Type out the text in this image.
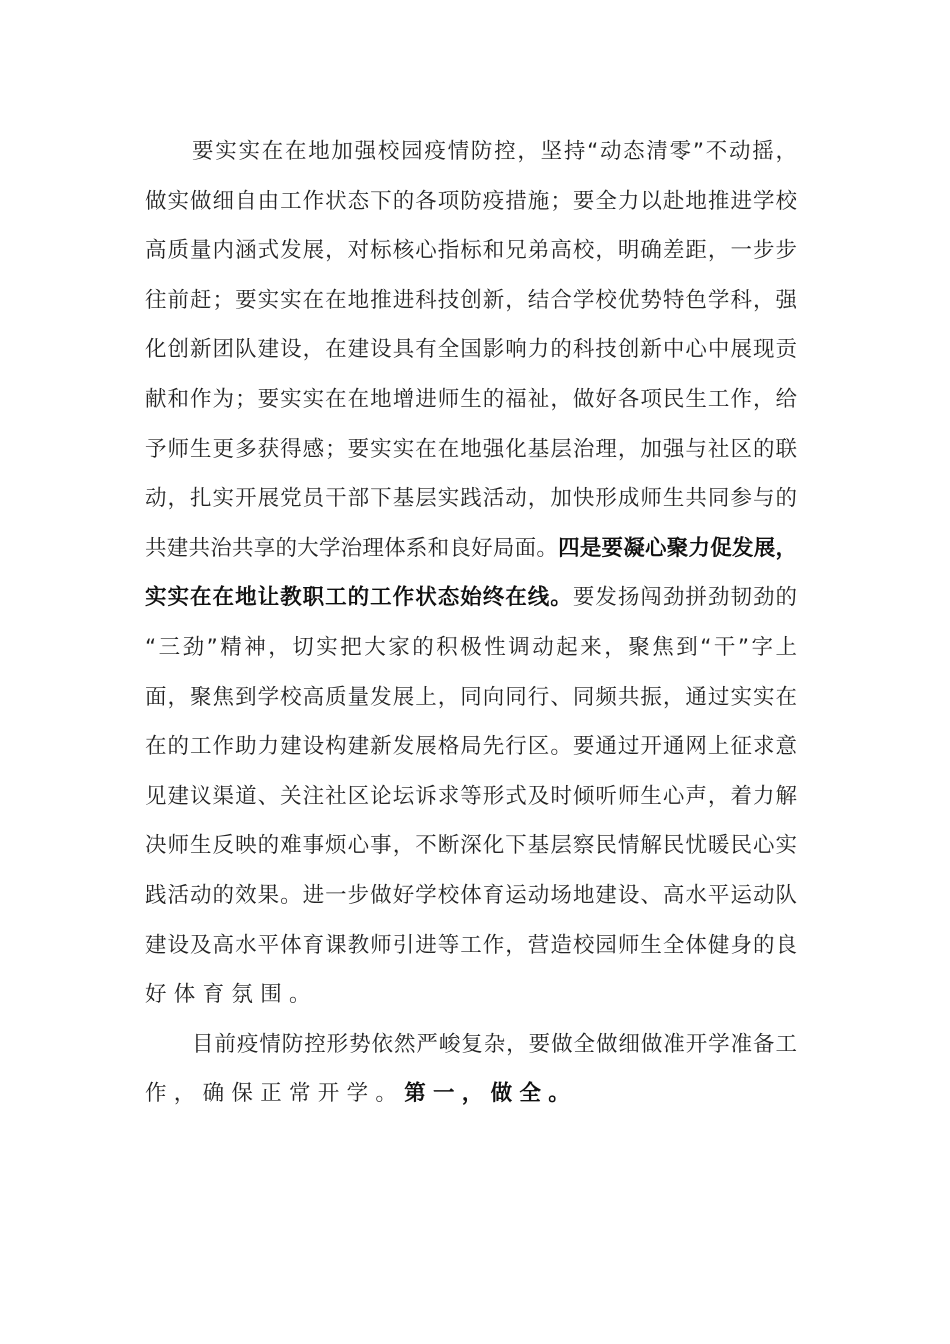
要实实在在地加强校园疫情防控，坚持“动态清零”不动摇，
做实做细自由工作状态下的各项防疫措施；要全力以赴地推进学校
高质量内涵式发展，对标核心指标和兄弟高校，明确差距，一步步
往前赶；要实实在在地推进科技创新，结合学校优势特色学科，强
化创新团队建设，在建设具有全国影响力的科技创新中心中展现贡
献和作为；要实实在在地增进师生的福祉，做好各项民生工作，给
予师生更多获得感；要实实在在地强化基层治理，加强与社区的联
动，扎实开展党员干部下基层实践活动，加快形成师生共同参与的
共建共治共享的大学治理体系和良好局面。四是要凝心聚力促发展，
实实在在地让教职工的工作状态始终在线。要发扬闯劲拼劲韧劲的
“三劲”精神，切实把大家的积极性调动起来，聚焦到“干”字上
面，聚焦到学校高质量发展上，同向同行、同频共振，通过实实在
在的工作助力建设构建新发展格局先行区。要通过开通网上征求意
见建议渠道、关注社区论坛诉求等形式及时倾听师生心声，着力解
决师生反映的难事烦心事，不断深化下基层察民情解民忧暖民心实
践活动的效果。进一步做好学校体育运动场地建设、高水平运动队
建设及高水平体育课教师引进等工作，营造校园师生全体健身的良
好体育氛围。
目前疫情防控形势依然严峻复杂，要做全做细做准开学准备工
作，确保正常开学。第一，做全。
